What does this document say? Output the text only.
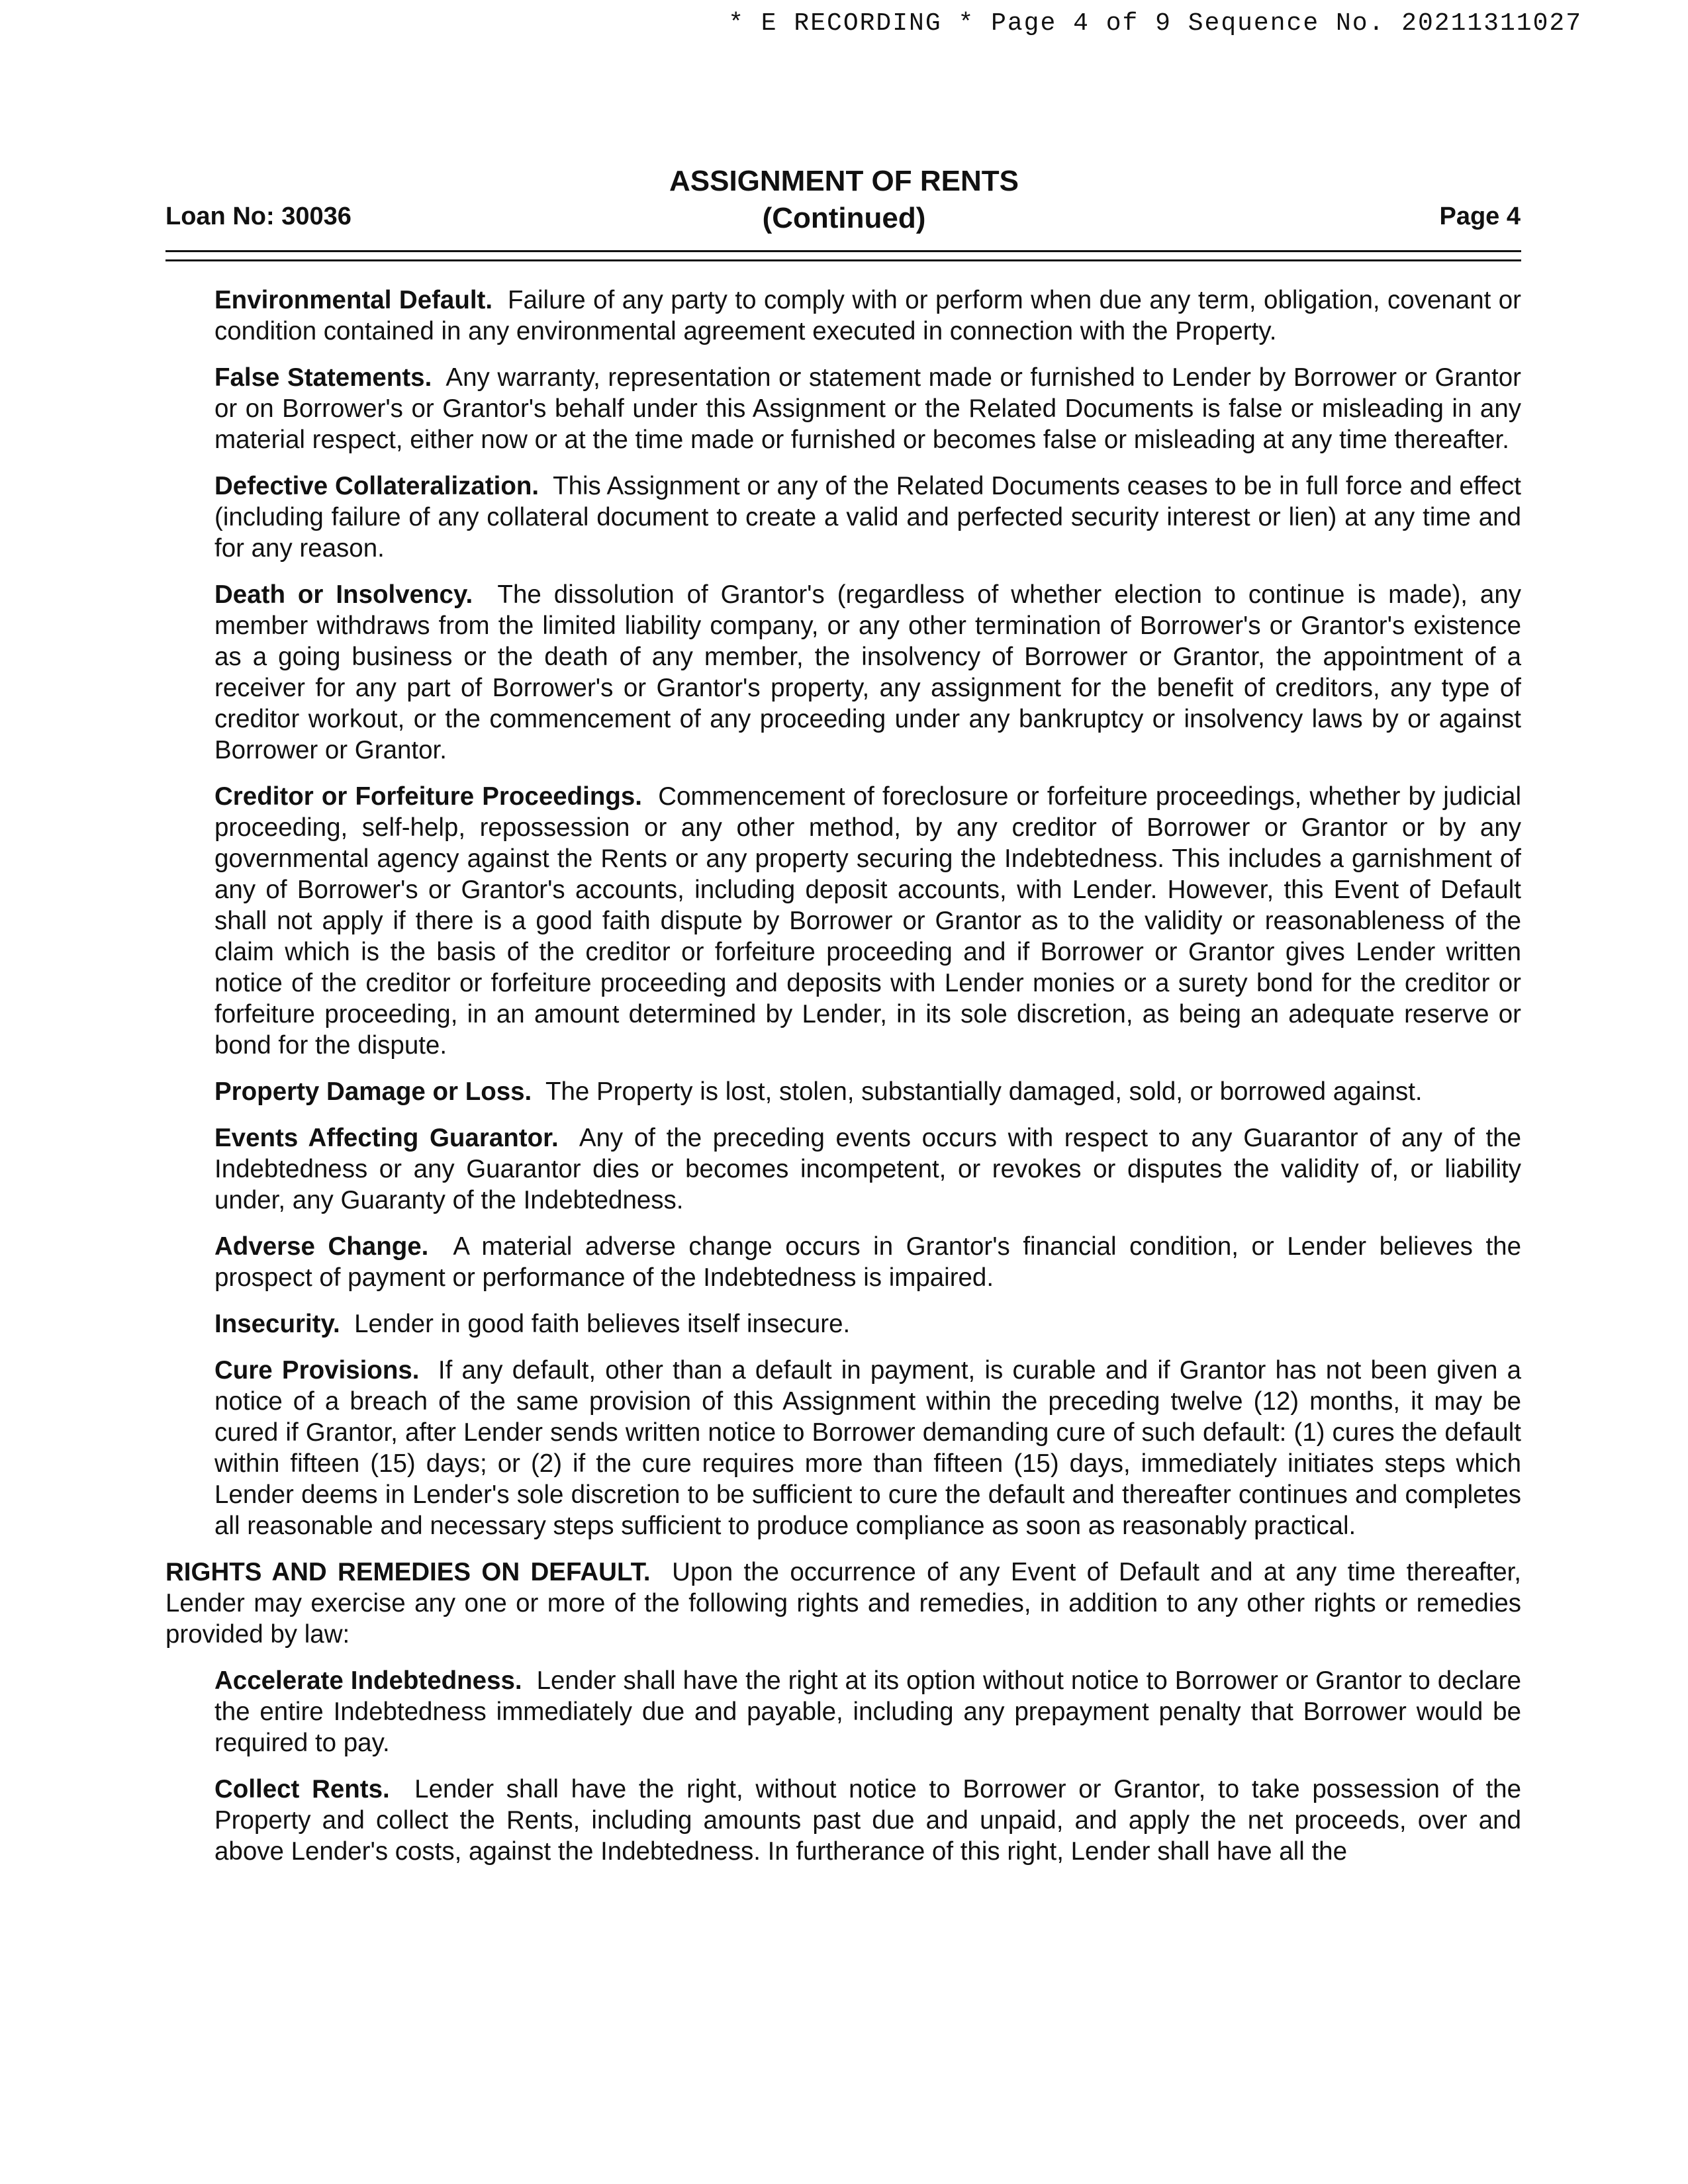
* E RECORDING * Page 4 of 9 Sequence No. 20211311027
ASSIGNMENT OF RENTS
(Continued)
Loan No: 30036	Page 4

Environmental Default. Failure of any party to comply with or perform when due any term, obligation, covenant or condition contained in any environmental agreement executed in connection with the Property.

False Statements. Any warranty, representation or statement made or furnished to Lender by Borrower or Grantor or on Borrower's or Grantor's behalf under this Assignment or the Related Documents is false or misleading in any material respect, either now or at the time made or furnished or becomes false or misleading at any time thereafter.

Defective Collateralization. This Assignment or any of the Related Documents ceases to be in full force and effect (including failure of any collateral document to create a valid and perfected security interest or lien) at any time and for any reason.

Death or Insolvency. The dissolution of Grantor's (regardless of whether election to continue is made), any member withdraws from the limited liability company, or any other termination of Borrower's or Grantor's existence as a going business or the death of any member, the insolvency of Borrower or Grantor, the appointment of a receiver for any part of Borrower's or Grantor's property, any assignment for the benefit of creditors, any type of creditor workout, or the commencement of any proceeding under any bankruptcy or insolvency laws by or against Borrower or Grantor.

Creditor or Forfeiture Proceedings. Commencement of foreclosure or forfeiture proceedings, whether by judicial proceeding, self-help, repossession or any other method, by any creditor of Borrower or Grantor or by any governmental agency against the Rents or any property securing the Indebtedness. This includes a garnishment of any of Borrower's or Grantor's accounts, including deposit accounts, with Lender. However, this Event of Default shall not apply if there is a good faith dispute by Borrower or Grantor as to the validity or reasonableness of the claim which is the basis of the creditor or forfeiture proceeding and if Borrower or Grantor gives Lender written notice of the creditor or forfeiture proceeding and deposits with Lender monies or a surety bond for the creditor or forfeiture proceeding, in an amount determined by Lender, in its sole discretion, as being an adequate reserve or bond for the dispute.

Property Damage or Loss. The Property is lost, stolen, substantially damaged, sold, or borrowed against.

Events Affecting Guarantor. Any of the preceding events occurs with respect to any Guarantor of any of the Indebtedness or any Guarantor dies or becomes incompetent, or revokes or disputes the validity of, or liability under, any Guaranty of the Indebtedness.

Adverse Change. A material adverse change occurs in Grantor's financial condition, or Lender believes the prospect of payment or performance of the Indebtedness is impaired.

Insecurity. Lender in good faith believes itself insecure.

Cure Provisions. If any default, other than a default in payment, is curable and if Grantor has not been given a notice of a breach of the same provision of this Assignment within the preceding twelve (12) months, it may be cured if Grantor, after Lender sends written notice to Borrower demanding cure of such default: (1) cures the default within fifteen (15) days; or (2) if the cure requires more than fifteen (15) days, immediately initiates steps which Lender deems in Lender's sole discretion to be sufficient to cure the default and thereafter continues and completes all reasonable and necessary steps sufficient to produce compliance as soon as reasonably practical.

RIGHTS AND REMEDIES ON DEFAULT. Upon the occurrence of any Event of Default and at any time thereafter, Lender may exercise any one or more of the following rights and remedies, in addition to any other rights or remedies provided by law:

Accelerate Indebtedness. Lender shall have the right at its option without notice to Borrower or Grantor to declare the entire Indebtedness immediately due and payable, including any prepayment penalty that Borrower would be required to pay.

Collect Rents. Lender shall have the right, without notice to Borrower or Grantor, to take possession of the Property and collect the Rents, including amounts past due and unpaid, and apply the net proceeds, over and above Lender's costs, against the Indebtedness. In furtherance of this right, Lender shall have all the
